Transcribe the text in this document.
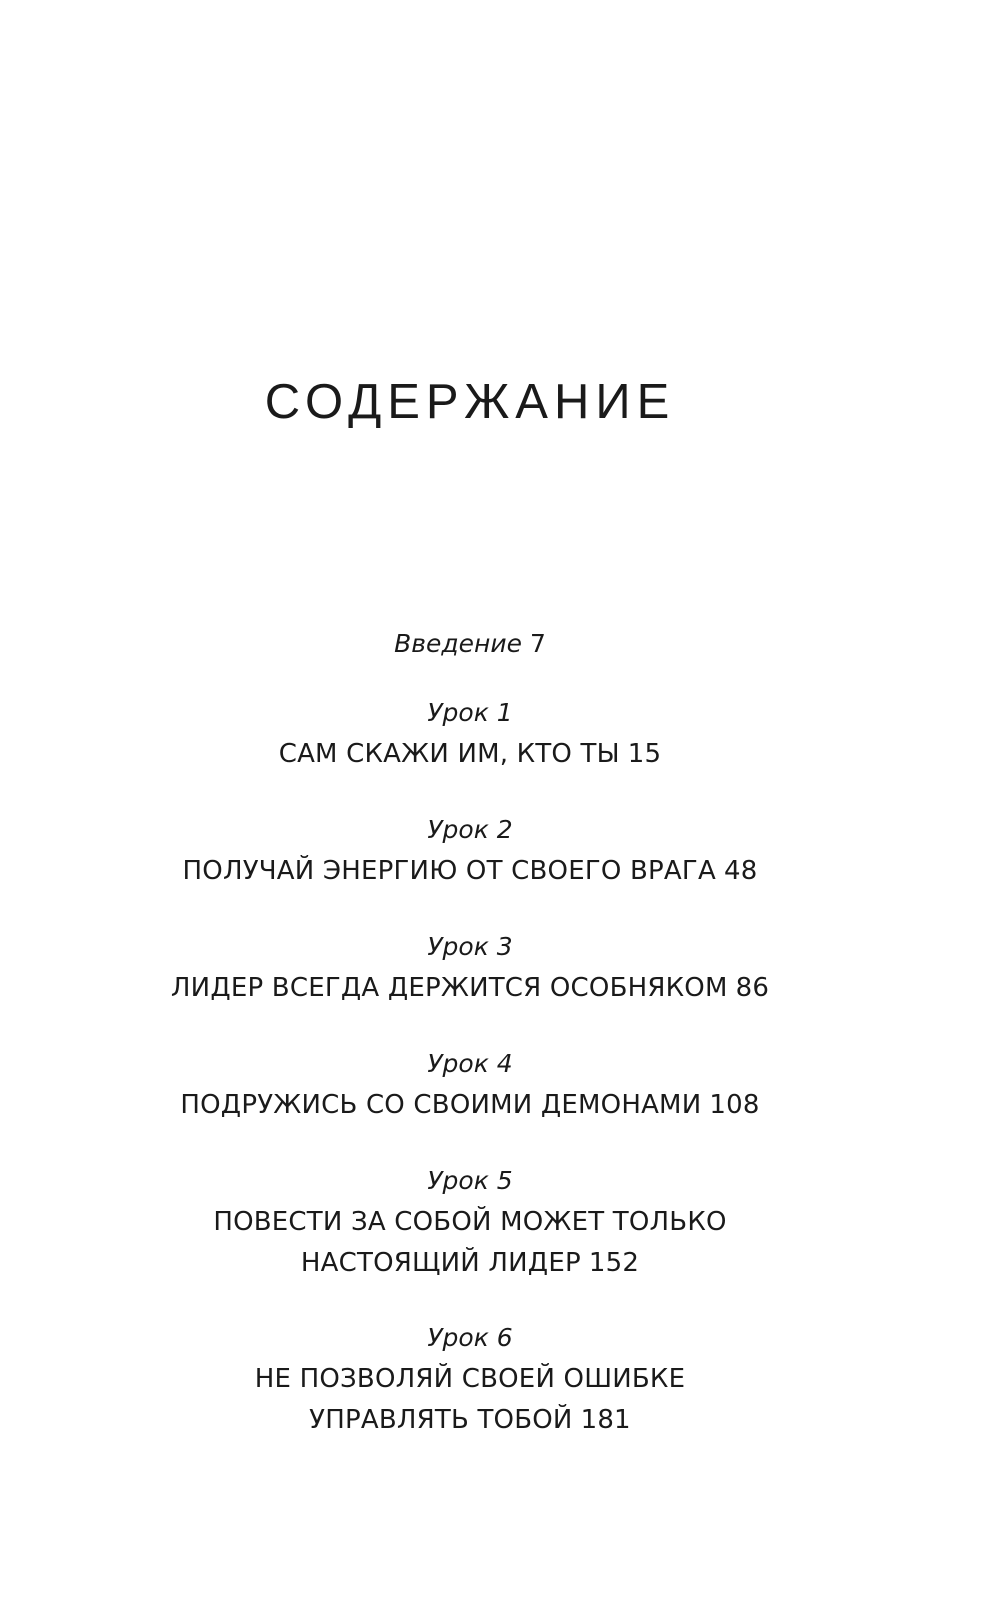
СОДЕРЖАНИЕ
Введение 7
Урок 1
САМ СКАЖИ ИМ, КТО ТЫ 15
Урок 2
ПОЛУЧАЙ ЭНЕРГИЮ ОТ СВОЕГО ВРАГА 48
Урок 3
ЛИДЕР ВСЕГДА ДЕРЖИТСЯ ОСОБНЯКОМ 86
Урок 4
ПОДРУЖИСЬ СО СВОИМИ ДЕМОНАМИ 108
Урок 5
ПОВЕСТИ ЗА СОБОЙ МОЖЕТ ТОЛЬКО
НАСТОЯЩИЙ ЛИДЕР 152
Урок 6
НЕ ПОЗВОЛЯЙ СВОЕЙ ОШИБКЕ
УПРАВЛЯТЬ ТОБОЙ 181
